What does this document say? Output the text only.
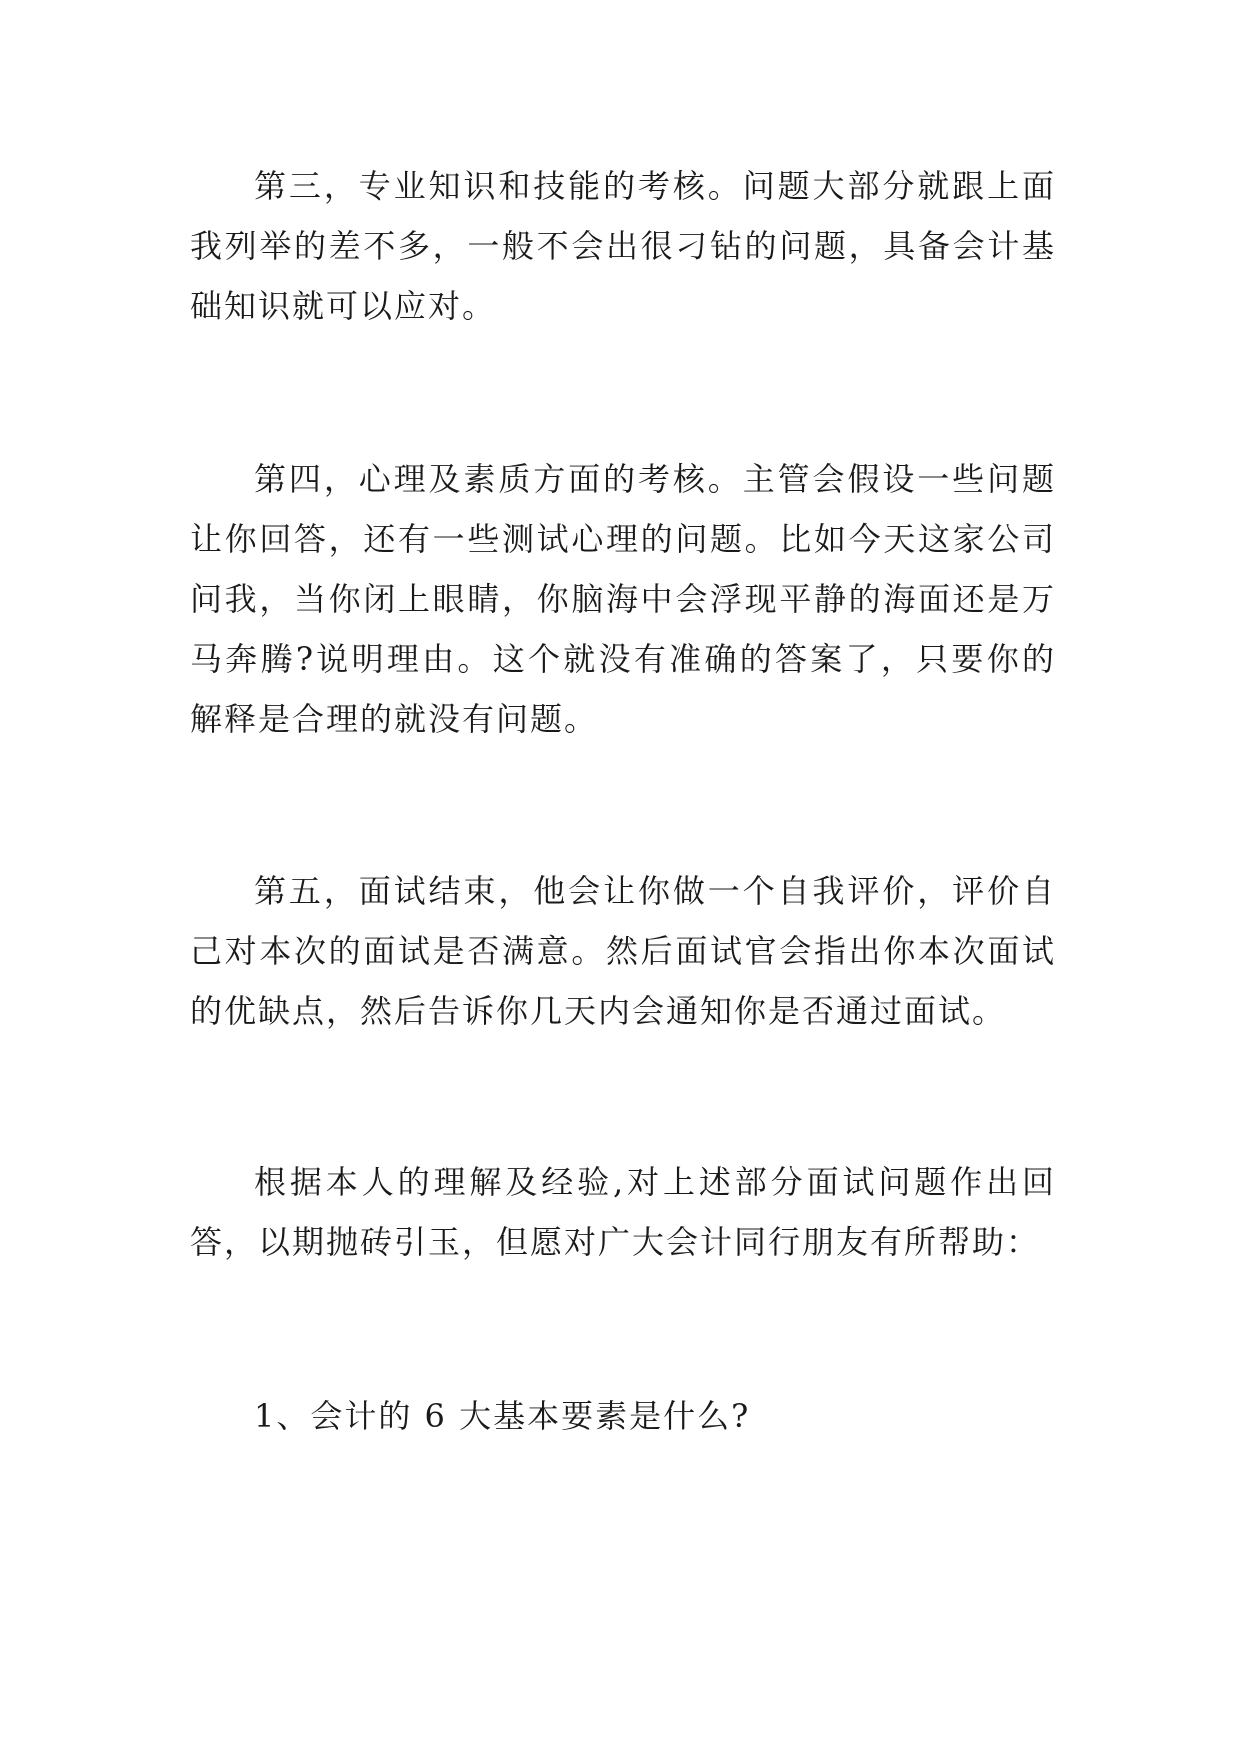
第三，专业知识和技能的考核。问题大部分就跟上面我列举的差不多，一般不会出很刁钻的问题，具备会计基础知识就可以应对。

第四，心理及素质方面的考核。主管会假设一些问题让你回答，还有一些测试心理的问题。比如今天这家公司问我，当你闭上眼睛，你脑海中会浮现平静的海面还是万马奔腾?说明理由。这个就没有准确的答案了，只要你的解释是合理的就没有问题。

第五，面试结束，他会让你做一个自我评价，评价自己对本次的面试是否满意。然后面试官会指出你本次面试的优缺点，然后告诉你几天内会通知你是否通过面试。

根据本人的理解及经验,对上述部分面试问题作出回答，以期抛砖引玉，但愿对广大会计同行朋友有所帮助：

1、会计的 6 大基本要素是什么?
